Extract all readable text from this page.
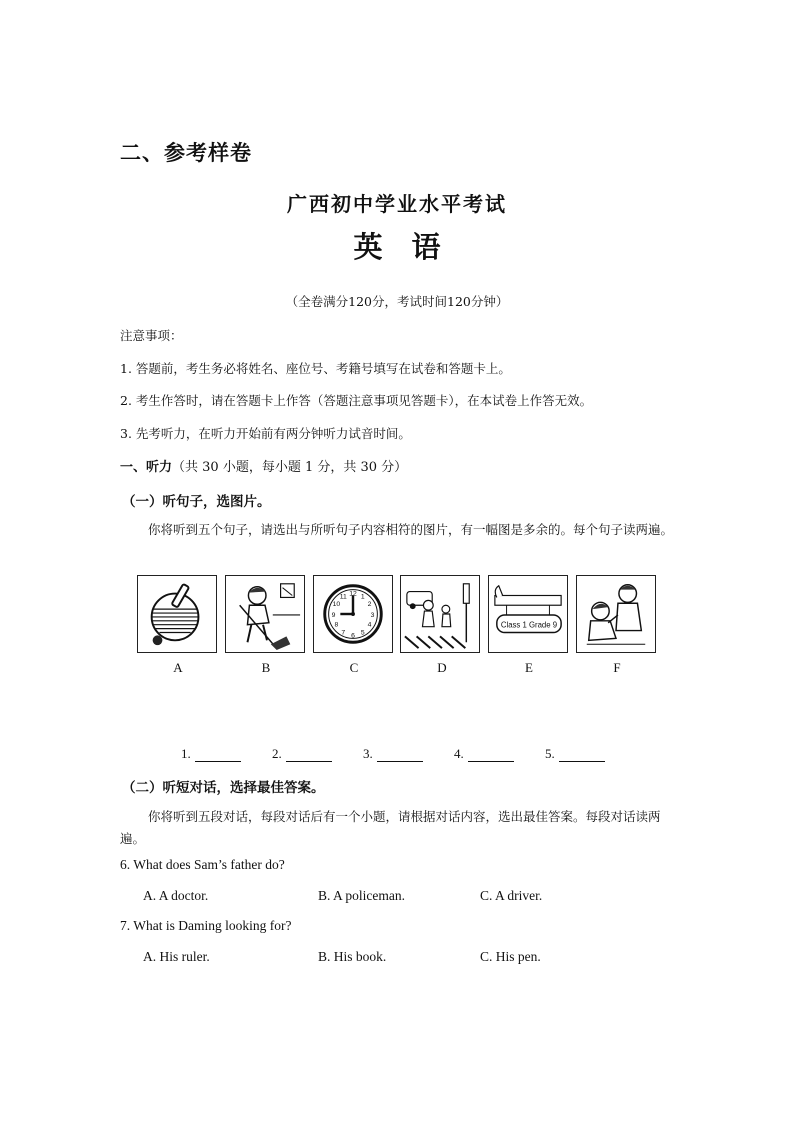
二、参考样卷
广西初中学业水平考试
英　语
（全卷满分120分，考试时间120分钟）
注意事项：
1. 答题前，考生务必将姓名、座位号、考籍号填写在试卷和答题卡上。
2. 考生作答时，请在答题卡上作答（答题注意事项见答题卡），在本试卷上作答无效。
3. 先考听力，在听力开始前有两分钟听力试音时间。
一、听力（共 30 小题，每小题 1 分，共 30 分）
（一）听句子，选图片。
你将听到五个句子，请选出与所听句子内容相符的图片，有一幅图是多余的。每个句子读两遍。
A	B
12 1
2
3
4
5
6
7
8
9
10
11
C	D
Class 1 Grade 9
E	F
1.	2.	3.	4.	5.
（二）听短对话，选择最佳答案。
你将听到五段对话，每段对话后有一个小题，请根据对话内容，选出最佳答案。每段对话读两遍。
6. What does Sam’s father do?
A. A doctor.	B. A policeman.	C. A driver.
7. What is Daming looking for?
A. His ruler.	B. His book.	C. His pen.
